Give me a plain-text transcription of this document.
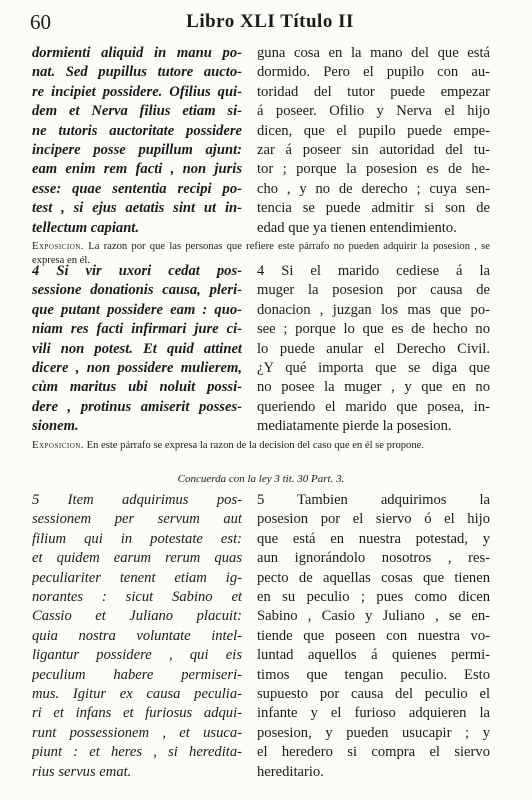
60	Libro XLI Título II
dormienti aliquid in manu po-
nat. Sed pupillus tutore aucto-
re incipiet possidere. Ofilius qui-
dem et Nerva filius etiam si-
ne tutoris auctoritate possidere
incipere posse pupillum ajunt:
eam enim rem facti , non juris
esse: quae sententia recipi po-
test , si ejus aetatis sint ut in-
tellectum capiant.
guna cosa en la mano del que está
dormido. Pero el pupilo con au-
toridad del tutor puede empezar
á poseer. Ofilio y Nerva el hijo
dicen, que el pupilo puede empe-
zar á poseer sin autoridad del tu-
tor ; porque la posesion es de he-
cho , y no de derecho ; cuya sen-
tencia se puede admitir si son de
edad que ya tienen entendimiento.
Exposicion. La razon por que las personas que refiere este párrafo no pueden adquirir la posesion , se expresa en él.
4 Si vir uxori cedat pos-
sessione donationis causa, pleri-
que putant possidere eam : quo-
niam res facti infirmari jure ci-
vili non potest. Et quid attinet
dicere , non possidere mulierem,
cùm maritus ubi noluit possi-
dere , protinus amiserit posses-
sionem.
4 Si el marido cediese á la
muger la posesion por causa de
donacion , juzgan los mas que po-
see ; porque lo que es de hecho no
lo puede anular el Derecho Civil.
¿Y qué importa que se diga que
no posee la muger , y que en no
queriendo el marido que posea, in-
mediatamente pierde la posesion.
Exposicion. En este párrafo se expresa la razon de la decision del caso que en él se propone.
Concuerda con la ley 3 tit. 30 Part. 3.
5 Item adquirimus pos-
sessionem per servum aut
filium qui in potestate est:
et quidem earum rerum quas
peculiariter tenent etiam ig-
norantes : sicut Sabino et
Cassio et Juliano placuit:
quia nostra voluntate intel-
ligantur possidere , qui eis
peculium habere permiseri-
mus. Igitur ex causa peculia-
ri et infans et furiosus adqui-
runt possessionem , et usuca-
piunt : et heres , si heredita-
rius servus emat.
5 Tambien adquirimos la
posesion por el siervo ó el hijo
que está en nuestra potestad, y
aun ignorándolo nosotros , res-
pecto de aquellas cosas que tienen
en su peculio ; pues como dicen
Sabino , Casio y Juliano , se en-
tiende que poseen con nuestra vo-
luntad aquellos á quienes permi-
timos que tengan peculio. Esto
supuesto por causa del peculio el
infante y el furioso adquieren la
posesion, y pueden usucapir ; y
el heredero si compra el siervo
hereditario.
